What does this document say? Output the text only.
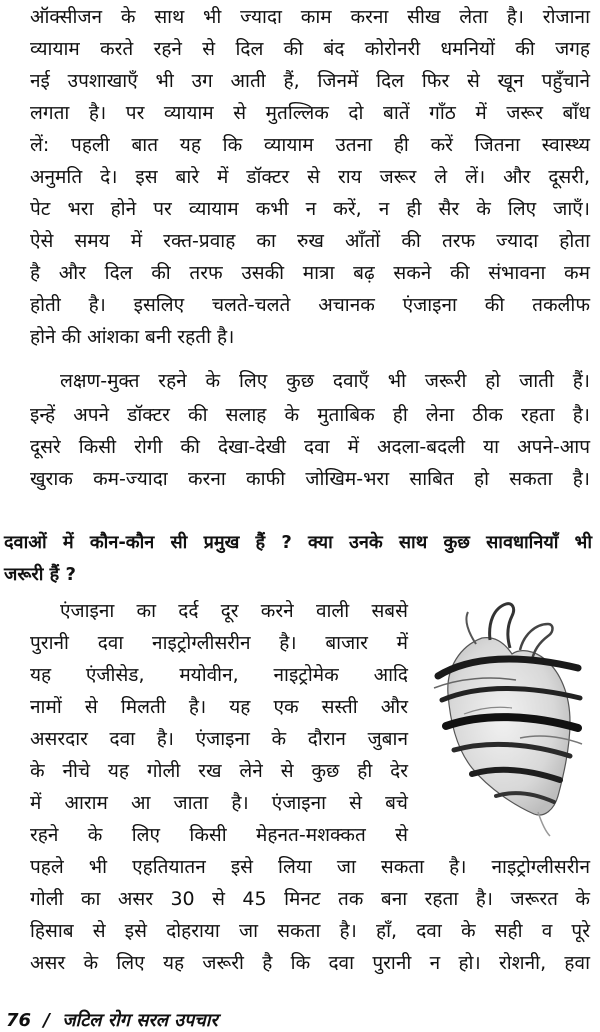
ऑक्सीजन के साथ भी ज्यादा काम करना सीख लेता है। रोजाना
व्यायाम करते रहने से दिल की बंद कोरोनरी धमनियों की जगह
नई उपशाखाएँ भी उग आती हैं, जिनमें दिल फिर से खून पहुँचाने
लगता है। पर व्यायाम से मुतल्लिक दो बातें गाँठ में जरूर बाँध
लें: पहली बात यह कि व्यायाम उतना ही करें जितना स्वास्थ्य
अनुमति दे। इस बारे में डॉक्टर से राय जरूर ले लें। और दूसरी,
पेट भरा होने पर व्यायाम कभी न करें, न ही सैर के लिए जाएँ।
ऐसे समय में रक्त-प्रवाह का रुख आँतों की तरफ ज्यादा होता
है और दिल की तरफ उसकी मात्रा बढ़ सकने की संभावना कम
होती है। इसलिए चलते-चलते अचानक एंजाइना की तकलीफ
होने की आंशका बनी रहती है।
लक्षण-मुक्त रहने के लिए कुछ दवाएँ भी जरूरी हो जाती हैं।
इन्हें अपने डॉक्टर की सलाह के मुताबिक ही लेना ठीक रहता है।
दूसरे किसी रोगी की देखा-देखी दवा में अदला-बदली या अपने-आप
खुराक कम-ज्यादा करना काफी जोखिम-भरा साबित हो सकता है।
दवाओं में कौन-कौन सी प्रमुख हैं ? क्या उनके साथ कुछ सावधानियाँ भी
जरूरी हैं ?
एंजाइना का दर्द दूर करने वाली सबसे
पुरानी दवा नाइट्रोग्लीसरीन है। बाजार में
यह एंजीसेड, मयोवीन, नाइट्रोमेक आदि
नामों से मिलती है। यह एक सस्ती और
असरदार दवा है। एंजाइना के दौरान जुबान
के नीचे यह गोली रख लेने से कुछ ही देर
में आराम आ जाता है। एंजाइना से बचे
रहने के लिए किसी मेहनत-मशक्कत से
पहले भी एहतियातन इसे लिया जा सकता है। नाइट्रोग्लीसरीन
गोली का असर 30 से 45 मिनट तक बना रहता है। जरूरत के
हिसाब से इसे दोहराया जा सकता है। हाँ, दवा के सही व पूरे
असर के लिए यह जरूरी है कि दवा पुरानी न हो। रोशनी, हवा
76 / जटिल रोग सरल उपचार
